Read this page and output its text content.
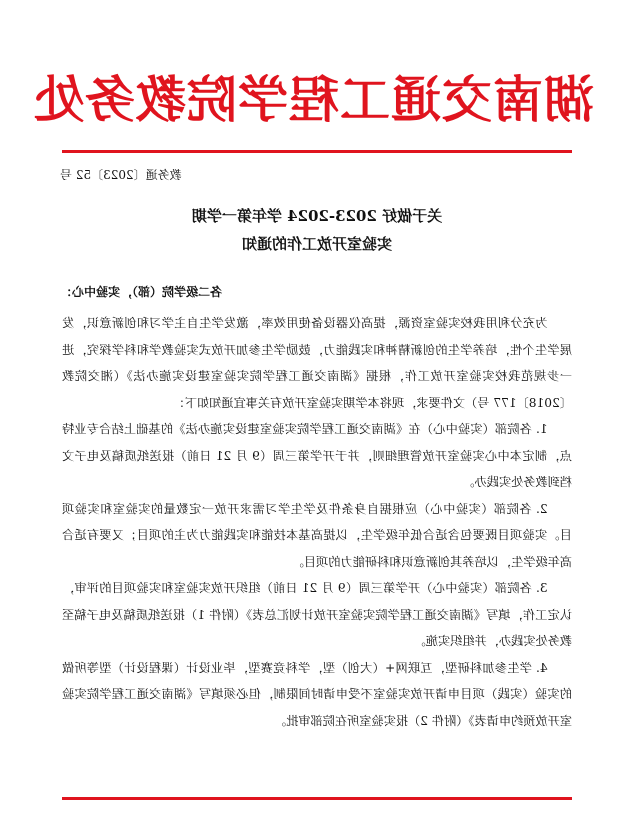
湖南交通工程学院教务处
教务通〔2023〕52 号
关于做好 2023-2024 学年第一学期
实验室开放工作的通知
各二级学院（部），实验中心：

为充分利用我校实验室资源，提高仪器设备使用效率，激发学生自主学习和创新意识，发展学生个性，培养学生的创新精神和实践能力，鼓励学生参加开放式实验教学和科学探究，进一步规范我校实验室开放工作，根据《湖南交通工程学院实验室建设实施办法》（湘交院教〔2018〕177 号）文件要求，现将本学期实验室开放有关事宜通知如下：

1. 各院部（实验中心）在《湖南交通工程学院实验室建设实施办法》的基础上结合专业特点，制定本中心实验室开放管理细则，并于开学第三周（9 月 21 日前）报送纸质稿及电子文档到教务处实践办。

2. 各院部（实验中心）应根据自身条件及学生学习需求开放一定数量的实验室和实验项目。实验项目既要包含适合低年级学生，以提高基本技能和实践能力为主的项目；又要有适合高年级学生，以培养其创新意识和科研能力的项目。

3. 各院部（实验中心）开学第三周（9 月 21 日前）组织开放实验室和实验项目的评审，认定工作，填写《湖南交通工程学院实验室开放计划汇总表》（附件 1）报送纸质稿及电子稿至教务处实践办，并组织实施。

4. 学生参加科研型，互联网+（大创）型，学科竞赛型，毕业设计（课程设计）型等所做的实验（实践）项目申请开放实验室不受申请时间限制，但必须填写《湖南交通工程学院实验室开放预约申请表》（附件 2）报实验室所在院部审批。
